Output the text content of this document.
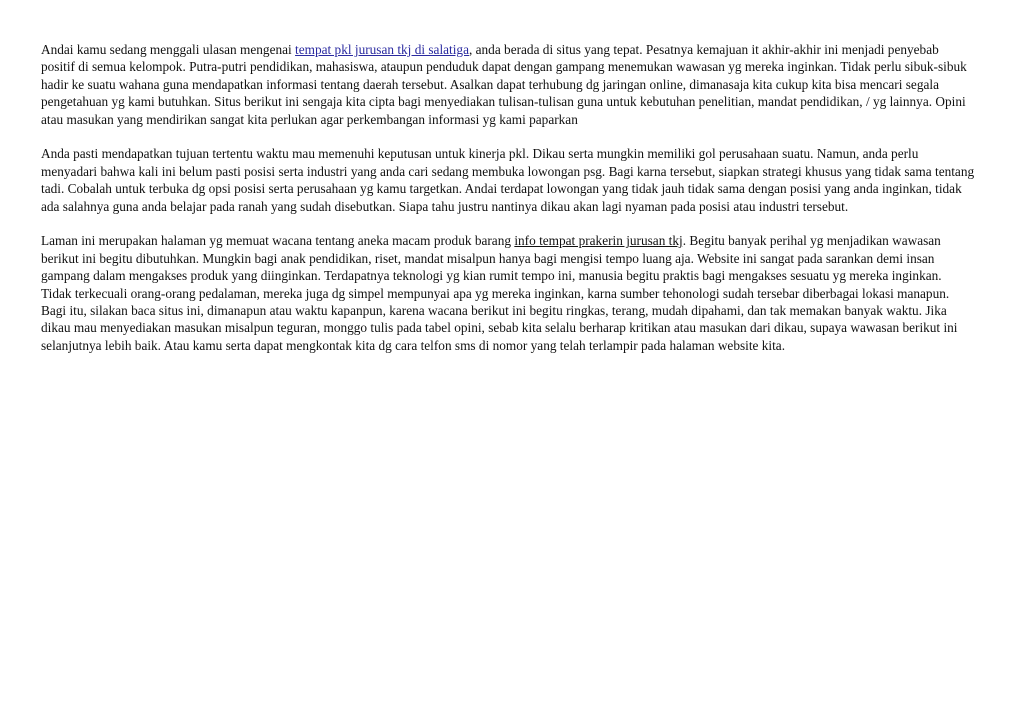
Andai kamu sedang menggali ulasan mengenai tempat pkl jurusan tkj di salatiga, anda berada di situs yang tepat. Pesatnya kemajuan it akhir-akhir ini menjadi penyebab positif di semua kelompok. Putra-putri pendidikan, mahasiswa, ataupun penduduk dapat dengan gampang menemukan wawasan yg mereka inginkan. Tidak perlu sibuk-sibuk hadir ke suatu wahana guna mendapatkan informasi tentang daerah tersebut. Asalkan dapat terhubung dg jaringan online, dimanasaja kita cukup kita bisa mencari segala pengetahuan yg kami butuhkan. Situs berikut ini sengaja kita cipta bagi menyediakan tulisan-tulisan guna untuk kebutuhan penelitian, mandat pendidikan, / yg lainnya. Opini atau masukan yang mendirikan sangat kita perlukan agar perkembangan informasi yg kami paparkan

Anda pasti mendapatkan tujuan tertentu waktu mau memenuhi keputusan untuk kinerja pkl. Dikau serta mungkin memiliki gol perusahaan suatu. Namun, anda perlu menyadari bahwa kali ini belum pasti posisi serta industri yang anda cari sedang membuka lowongan psg. Bagi karna tersebut, siapkan strategi khusus yang tidak sama tentang tadi. Cobalah untuk terbuka dg opsi posisi serta perusahaan yg kamu targetkan. Andai terdapat lowongan yang tidak jauh tidak sama dengan posisi yang anda inginkan, tidak ada salahnya guna anda belajar pada ranah yang sudah disebutkan. Siapa tahu justru nantinya dikau akan lagi nyaman pada posisi atau industri tersebut.

Laman ini merupakan halaman yg memuat wacana tentang aneka macam produk barang info tempat prakerin jurusan tkj. Begitu banyak perihal yg menjadikan wawasan berikut ini begitu dibutuhkan. Mungkin bagi anak pendidikan, riset, mandat misalpun hanya bagi mengisi tempo luang aja. Website ini sangat pada sarankan demi insan gampang dalam mengakses produk yang diinginkan. Terdapatnya teknologi yg kian rumit tempo ini, manusia begitu praktis bagi mengakses sesuatu yg mereka inginkan. Tidak terkecuali orang-orang pedalaman, mereka juga dg simpel mempunyai apa yg mereka inginkan, karna sumber tehonologi sudah tersebar diberbagai lokasi manapun. Bagi itu, silakan baca situs ini, dimanapun atau waktu kapanpun, karena wacana berikut ini begitu ringkas, terang, mudah dipahami, dan tak memakan banyak waktu. Jika dikau mau menyediakan masukan misalpun teguran, monggo tulis pada tabel opini, sebab kita selalu berharap kritikan atau masukan dari dikau, supaya wawasan berikut ini selanjutnya lebih baik. Atau kamu serta dapat mengkontak kita dg cara telfon sms di nomor yang telah terlampir pada halaman website kita.
